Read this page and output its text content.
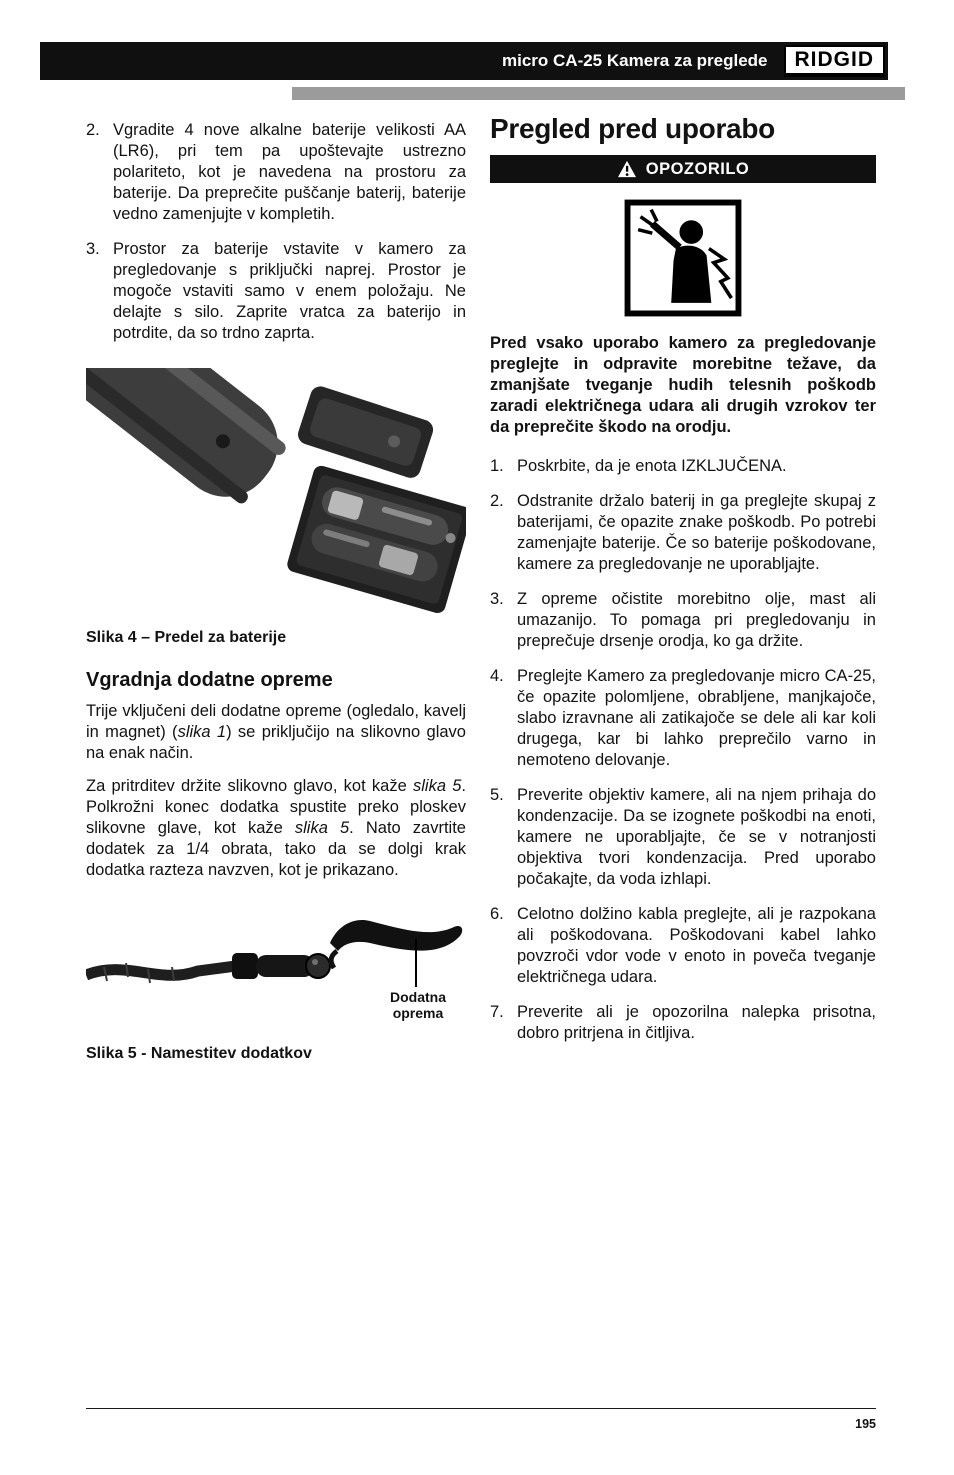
micro CA-25 Kamera za preglede	RIDGID
2. Vgradite 4 nove alkalne baterije velikosti AA (LR6), pri tem pa upoštevajte ustrezno polariteto, kot je navedena na prostoru za baterije. Da preprečite puščanje baterij, baterije vedno zamenjujte v kompletih.
3. Prostor za baterije vstavite v kamero za pregledovanje s priključki naprej. Prostor je mogoče vstaviti samo v enem položaju. Ne delajte s silo. Zaprite vratca za baterijo in potrdite, da so trdno zaprta.
Slika 4 – Predel za baterije
Vgradnja dodatne opreme

Trije vključeni deli dodatne opreme (ogledalo, kavelj in magnet) (slika 1) se priključijo na slikovno glavo na enak način.

Za pritrditev držite slikovno glavo, kot kaže slika 5. Polkrožni konec dodatka spustite preko ploskev slikovne glave, kot kaže slika 5. Nato zavrtite dodatek za 1/4 obrata, tako da se dolgi krak dodatka razteza navzven, kot je prikazano.

Dodatna oprema
Slika 5 - Namestitev dodatkov
Pregled pred uporabo
OPOZORILO

Pred vsako uporabo kamero za pregledovanje preglejte in odpravite morebitne težave, da zmanjšate tveganje hudih telesnih poškodb zaradi električnega udara ali drugih vzrokov ter da preprečite škodo na orodju.

1. Poskrbite, da je enota IZKLJUČENA.
2. Odstranite držalo baterij in ga preglejte skupaj z baterijami, če opazite znake poškodb. Po potrebi zamenjajte baterije. Če so baterije poškodovane, kamere za pregledovanje ne uporabljajte.
3. Z opreme očistite morebitno olje, mast ali umazanijo. To pomaga pri pregledovanju in preprečuje drsenje orodja, ko ga držite.
4. Preglejte Kamero za pregledovanje micro CA-25, če opazite polomljene, obrabljene, manjkajoče, slabo izravnane ali zatikajoče se dele ali kar koli drugega, kar bi lahko preprečilo varno in nemoteno delovanje.
5. Preverite objektiv kamere, ali na njem prihaja do kondenzacije. Da se izognete poškodbi na enoti, kamere ne uporabljajte, če se v notranjosti objektiva tvori kondenzacija. Pred uporabo počakajte, da voda izhlapi.
6. Celotno dolžino kabla preglejte, ali je razpokana ali poškodovana. Poškodovani kabel lahko povzroči vdor vode v enoto in poveča tveganje električnega udara.
7. Preverite ali je opozorilna nalepka prisotna, dobro pritrjena in čitljiva.
195
